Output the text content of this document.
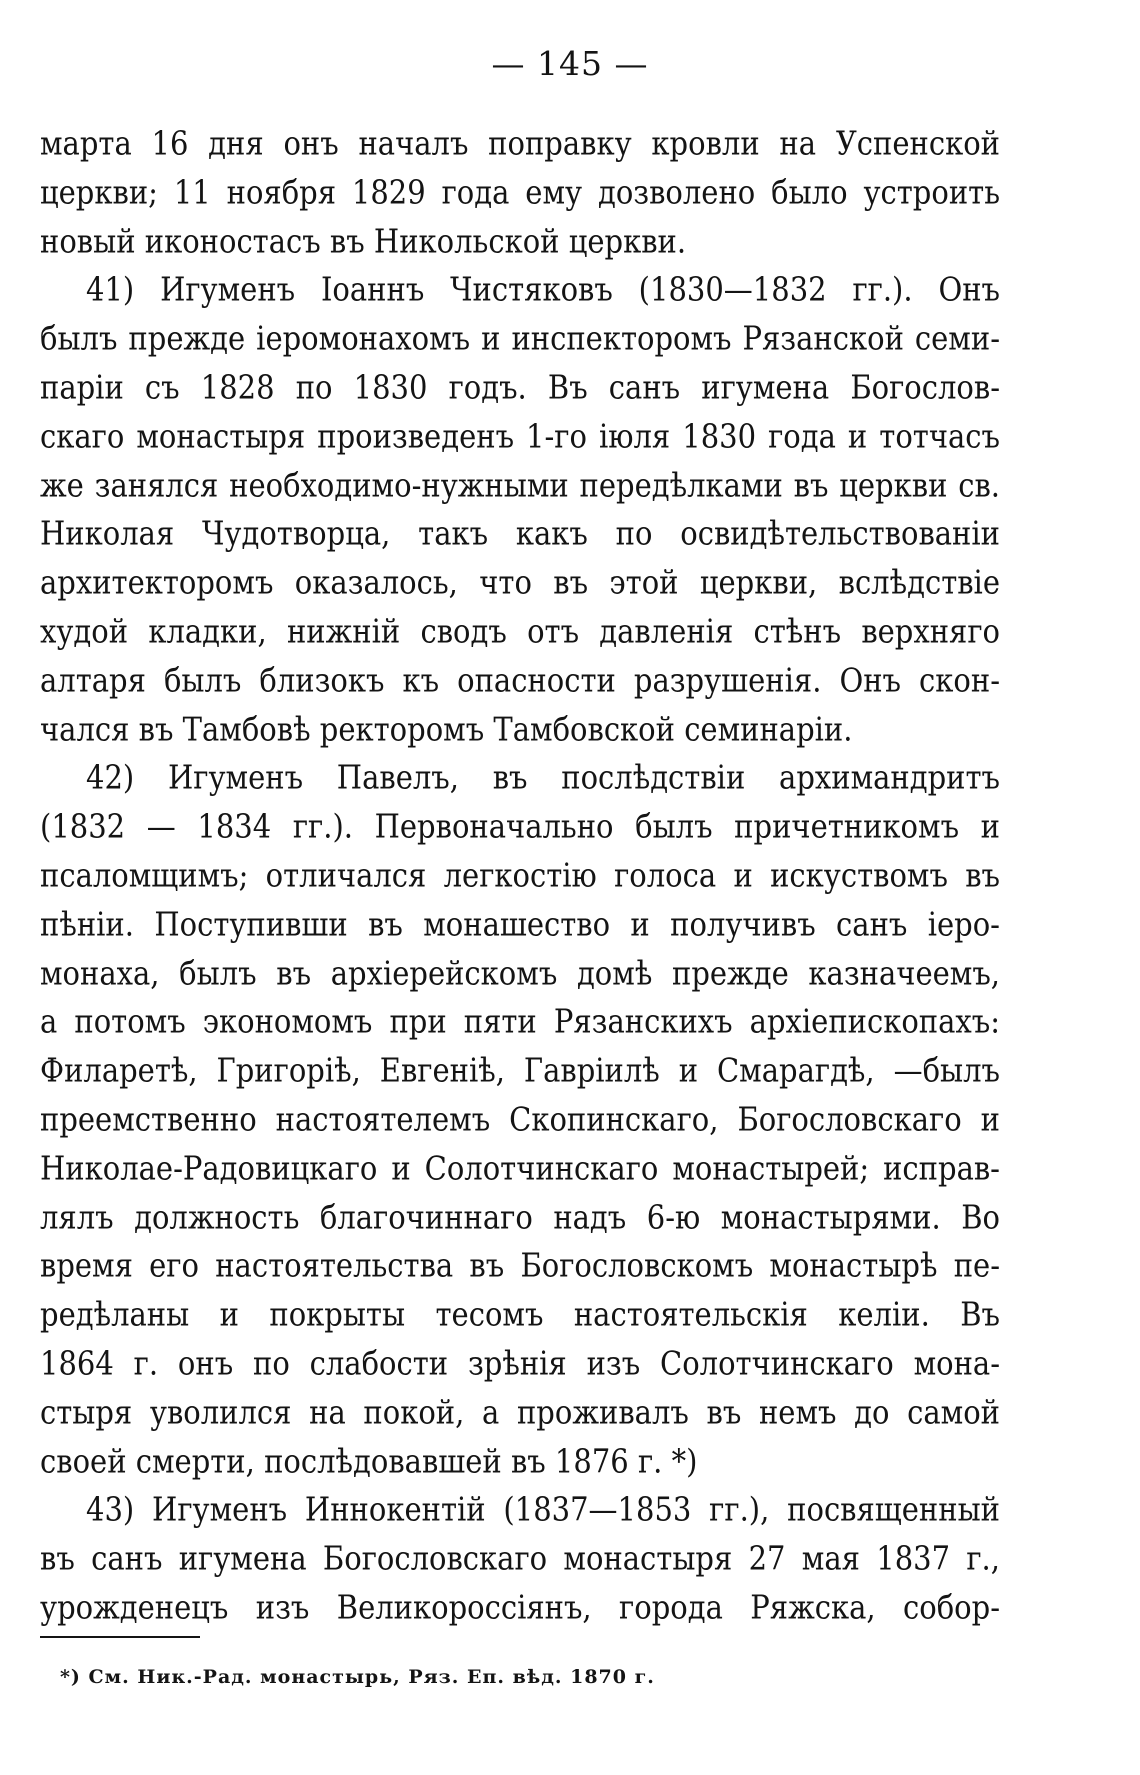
— 145 —
марта 16 дня онъ началъ поправку кровли на Успенской
церкви; 11 ноября 1829 года ему дозволено было устроить
новый иконостасъ въ Никольской церкви.
41) Игуменъ Іоаннъ Чистяковъ (1830—1832 гг.). Онъ
былъ прежде іеромонахомъ и инспекторомъ Рязанской семи-
паріи съ 1828 по 1830 годъ. Въ санъ игумена Богослов-
скаго монастыря произведенъ 1-го іюля 1830 года и тотчасъ
же занялся необходимо-нужными передѣлками въ церкви св.
Николая Чудотворца, такъ какъ по освидѣтельствованіи
архитекторомъ оказалось, что въ этой церкви, вслѣдствіе
худой кладки, нижній сводъ отъ давленія стѣнъ верхняго
алтаря былъ близокъ къ опасности разрушенія. Онъ скон-
чался въ Тамбовѣ ректоромъ Тамбовской семинаріи.
42) Игуменъ Павелъ, въ послѣдствіи архимандритъ
(1832 — 1834 гг.). Первоначально былъ причетникомъ и
псаломщимъ; отличался легкостію голоса и искуствомъ въ
пѣніи. Поступивши въ монашество и получивъ санъ іеро-
монаха, былъ въ архіерейскомъ домѣ прежде казначеемъ,
а потомъ экономомъ при пяти Рязанскихъ архіепископахъ:
Филаретѣ, Григоріѣ, Евгеніѣ, Гавріилѣ и Смарагдѣ, —былъ
преемственно настоятелемъ Скопинскаго, Богословскаго и
Николае-Радовицкаго и Солотчинскаго монастырей; исправ-
лялъ должность благочиннаго надъ 6-ю монастырями. Во
время его настоятельства въ Богословскомъ монастырѣ пе-
редѣланы и покрыты тесомъ настоятельскія келіи. Въ
1864 г. онъ по слабости зрѣнія изъ Солотчинскаго мона-
стыря уволился на покой, а проживалъ въ немъ до самой
своей смерти, послѣдовавшей въ 1876 г. *)
43) Игуменъ Иннокентій (1837—1853 гг.), посвященный
въ санъ игумена Богословскаго монастыря 27 мая 1837 г.,
урожденецъ изъ Великороссіянъ, города Ряжска, собор-
*) См. Ник.-Рад. монастырь, Ряз. Еп. вѣд. 1870 г.
